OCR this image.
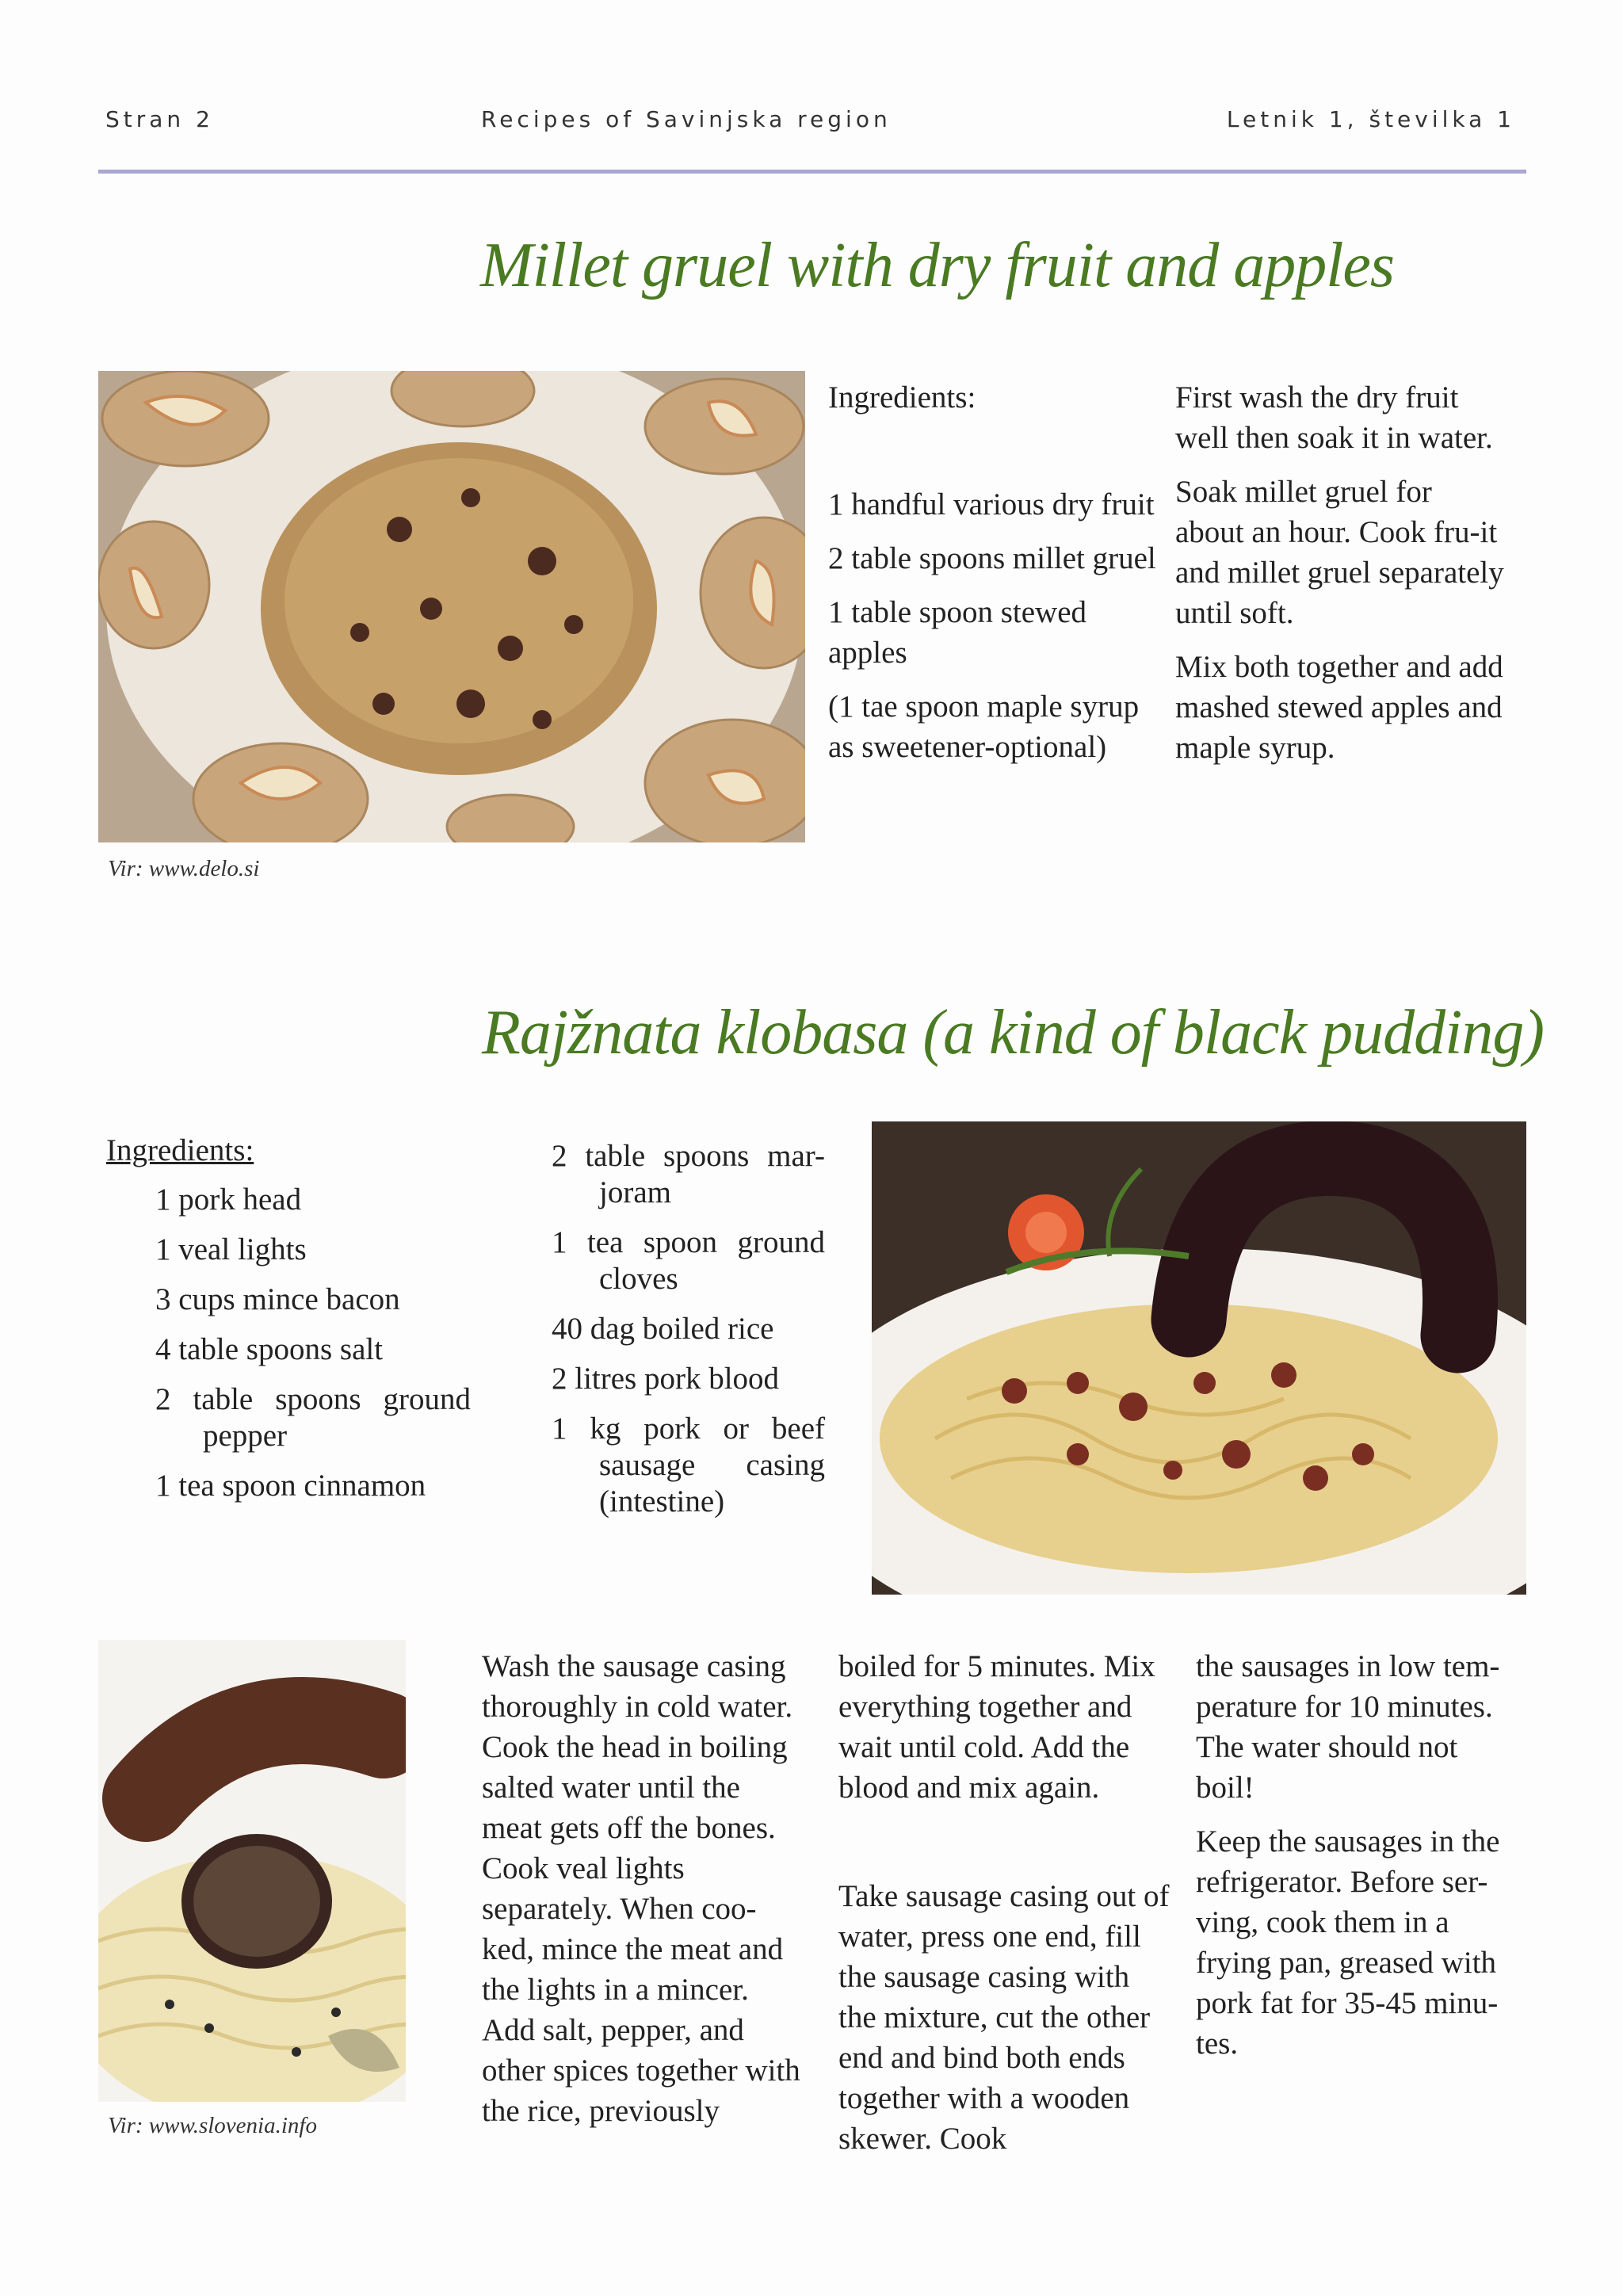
Stran 2	Recipes of Savinjska region	Letnik 1, številka 1
Millet gruel with dry fruit and apples
Vir: www.delo.si

Ingredients:

1 handful various dry fruit

2 table spoons millet gruel

1 table spoon stewed apples

(1 tae spoon maple syrup as sweetener-optional)

First wash the dry fruit well then soak it in water.

Soak millet gruel for about an hour. Cook fru-it and millet gruel separately until soft.

Mix both together and add mashed stewed apples and maple syrup.

Rajžnata klobasa (a kind of black pudding)

Ingredients:

1 pork head

1 veal lights

3 cups mince bacon

4 table spoons salt

2 table spoons ground pepper

1 tea spoon cinnamon

2 table spoons mar-joram

1 tea spoon ground cloves

40 dag boiled rice

2 litres pork blood

1 kg pork or beef sausage casing (intestine)

Vir: www.slovenia.info

Wash the sausage casing thoroughly in cold water. Cook the head in boiling salted water until the meat gets off the bones. Cook veal lights separately. When coo-ked, mince the meat and the lights in a mincer. Add salt, pepper, and other spices together with the rice, previously

boiled for 5 minutes. Mix everything together and wait until cold. Add the blood and mix again.

Take sausage casing out of water, press one end, fill the sausage casing with the mixture, cut the other end and bind both ends together with a wooden skewer. Cook

the sausages in low tem-perature for 10 minutes. The water should not boil!

Keep the sausages in the refrigerator. Before ser-ving, cook them in a frying pan, greased with pork fat for 35-45 minu-tes.
